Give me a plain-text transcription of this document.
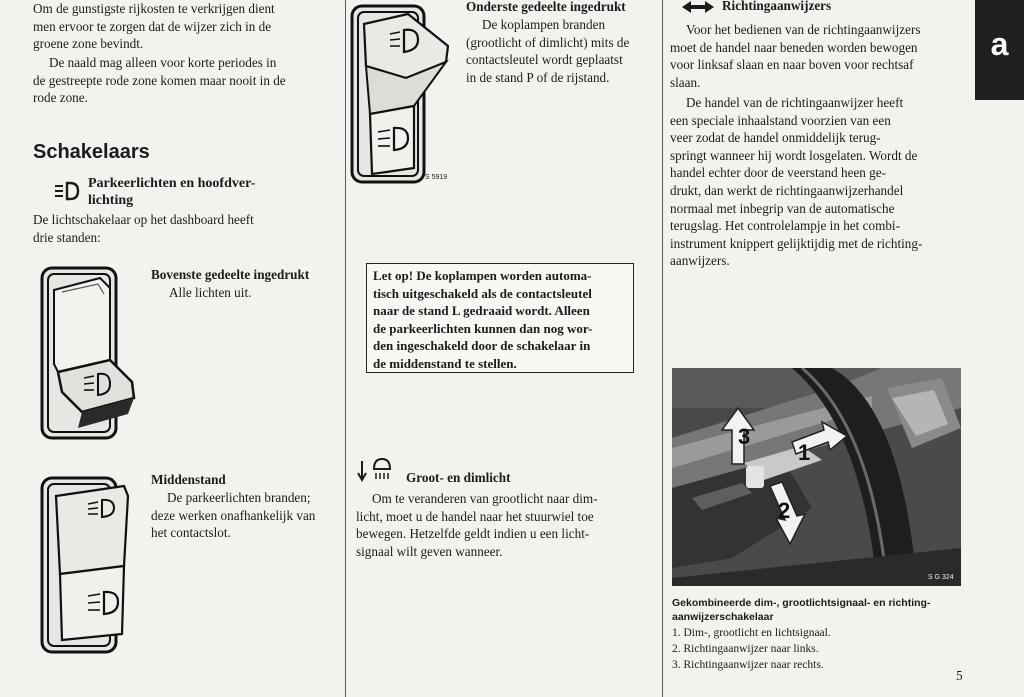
Om de gunstigste rijkosten te verkrijgen dient
men ervoor te zorgen dat de wijzer zich in de
groene zone bevindt.
De naald mag alleen voor korte periodes in
de gestreepte rode zone komen maar nooit in de
rode zone.
Schakelaars
Parkeerlichten en hoofdver-
lichting
De lichtschakelaar op het dashboard heeft
drie standen:
Bovenste gedeelte ingedrukt
Alle lichten uit.
Middenstand
De parkeerlichten branden;
deze werken onafhankelijk van
het contactslot.
S 5919
Onderste gedeelte ingedrukt
De koplampen branden
(grootlicht of dimlicht) mits de
contactsleutel wordt geplaatst
in de stand P of de rijstand.
Let op! De koplampen worden automa-
tisch uitgeschakeld als de contactsleutel
naar de stand L gedraaid wordt. Alleen
de parkeerlichten kunnen dan nog wor-
den ingeschakeld door de schakelaar in
de middenstand te stellen.
Groot- en dimlicht
Om te veranderen van grootlicht naar dim-
licht, moet u de handel naar het stuurwiel toe
bewegen. Hetzelfde geldt indien u een licht-
signaal wilt geven wanneer.
Richtingaanwijzers
Voor het bedienen van de richtingaanwijzers
moet de handel naar beneden worden bewogen
voor linksaf slaan en naar boven voor rechtsaf
slaan.
De handel van de richtingaanwijzer heeft
een speciale inhaalstand voorzien van een
veer zodat de handel onmiddelijk terug-
springt wanneer hij wordt losgelaten. Wordt de
handel echter door de veerstand heen ge-
drukt, dan werkt de richtingaanwijzerhandel
normaal met inbegrip van de automatische
terugslag. Het controlelampje in het combi-
instrument knippert gelijktijdig met de richting-
aanwijzers.
3
1
2
S G 324
Gekombineerde dim-, grootlichtsignaal- en richting-
aanwijzerschakelaar
1. Dim-, grootlicht en lichtsignaal.
2. Richtingaanwijzer naar links.
3. Richtingaanwijzer naar rechts.
a
5
